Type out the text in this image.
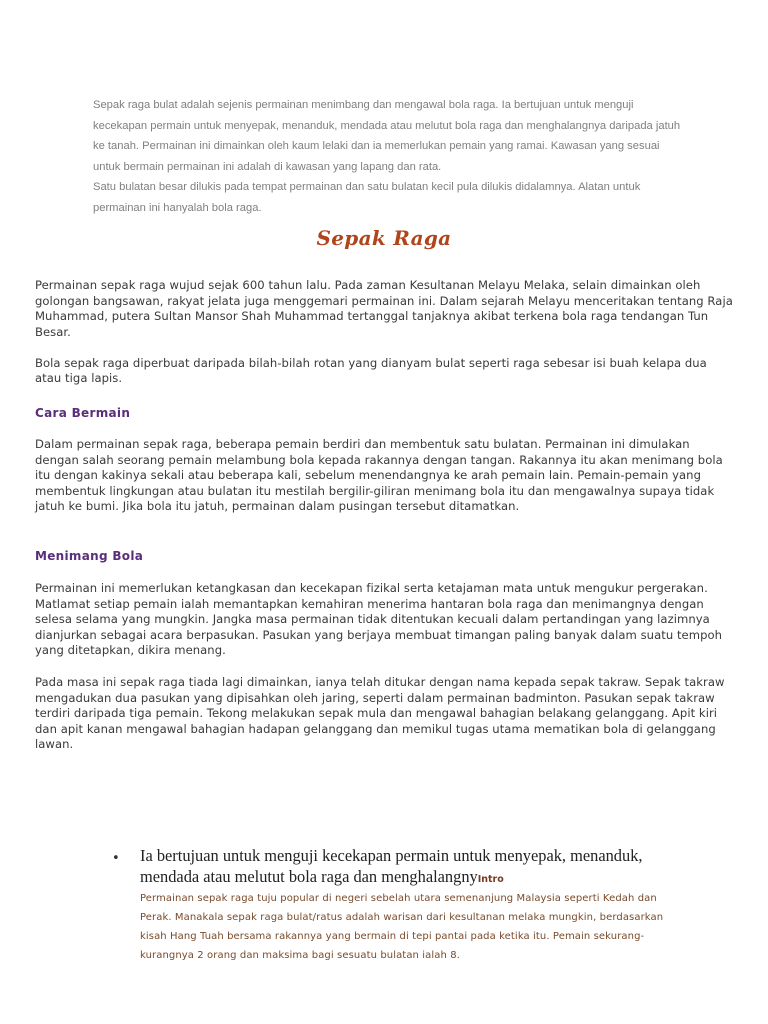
Sepak raga bulat adalah sejenis permainan menimbang dan mengawal bola raga. Ia bertujuan untuk menguji kecekapan permain untuk menyepak, menanduk, mendada atau melutut bola raga dan menghalangnya daripada jatuh ke tanah. Permainan ini dimainkan oleh kaum lelaki dan ia memerlukan pemain yang ramai. Kawasan yang sesuai untuk bermain permainan ini adalah di kawasan yang lapang dan rata.

Satu bulatan besar dilukis pada tempat permainan dan satu bulatan kecil pula dilukis didalamnya. Alatan untuk permainan ini hanyalah bola raga.

Sepak Raga

Permainan sepak raga wujud sejak 600 tahun lalu. Pada zaman Kesultanan Melayu Melaka, selain dimainkan oleh golongan bangsawan, rakyat jelata juga menggemari permainan ini. Dalam sejarah Melayu menceritakan tentang Raja Muhammad, putera Sultan Mansor Shah Muhammad tertanggal tanjaknya akibat terkena bola raga tendangan Tun Besar.

Bola sepak raga diperbuat daripada bilah-bilah rotan yang dianyam bulat seperti raga sebesar isi buah kelapa dua atau tiga lapis.

Cara Bermain

Dalam permainan sepak raga, beberapa pemain berdiri dan membentuk satu bulatan. Permainan ini dimulakan dengan salah seorang pemain melambung bola kepada rakannya dengan tangan. Rakannya itu akan menimang bola itu dengan kakinya sekali atau beberapa kali, sebelum menendangnya ke arah pemain lain. Pemain-pemain yang membentuk lingkungan atau bulatan itu mestilah bergilir-giliran menimang bola itu dan mengawalnya supaya tidak jatuh ke bumi. Jika bola itu jatuh, permainan dalam pusingan tersebut ditamatkan.

Menimang Bola

Permainan ini memerlukan ketangkasan dan kecekapan fizikal serta ketajaman mata untuk mengukur pergerakan. Matlamat setiap pemain ialah memantapkan kemahiran menerima hantaran bola raga dan menimangnya dengan selesa selama yang mungkin. Jangka masa permainan tidak ditentukan kecuali dalam pertandingan yang lazimnya dianjurkan sebagai acara berpasukan. Pasukan yang berjaya membuat timangan paling banyak dalam suatu tempoh yang ditetapkan, dikira menang.

Pada masa ini sepak raga tiada lagi dimainkan, ianya telah ditukar dengan nama kepada sepak takraw. Sepak takraw mengadukan dua pasukan yang dipisahkan oleh jaring, seperti dalam permainan badminton. Pasukan sepak takraw terdiri daripada tiga pemain. Tekong melakukan sepak mula dan mengawal bahagian belakang gelanggang. Apit kiri dan apit kanan mengawal bahagian hadapan gelanggang dan memikul tugas utama mematikan bola di gelanggang lawan.

•	Ia bertujuan untuk menguji kecekapan permain untuk menyepak, menanduk, mendada atau melutut bola raga dan menghalangnyIntro

Permainan sepak raga tuju popular di negeri sebelah utara semenanjung Malaysia seperti Kedah dan Perak. Manakala sepak raga bulat/ratus adalah warisan dari kesultanan melaka mungkin, berdasarkan kisah Hang Tuah bersama rakannya yang bermain di tepi pantai pada ketika itu. Pemain sekurang-kurangnya 2 orang dan maksima bagi sesuatu bulatan ialah 8.
